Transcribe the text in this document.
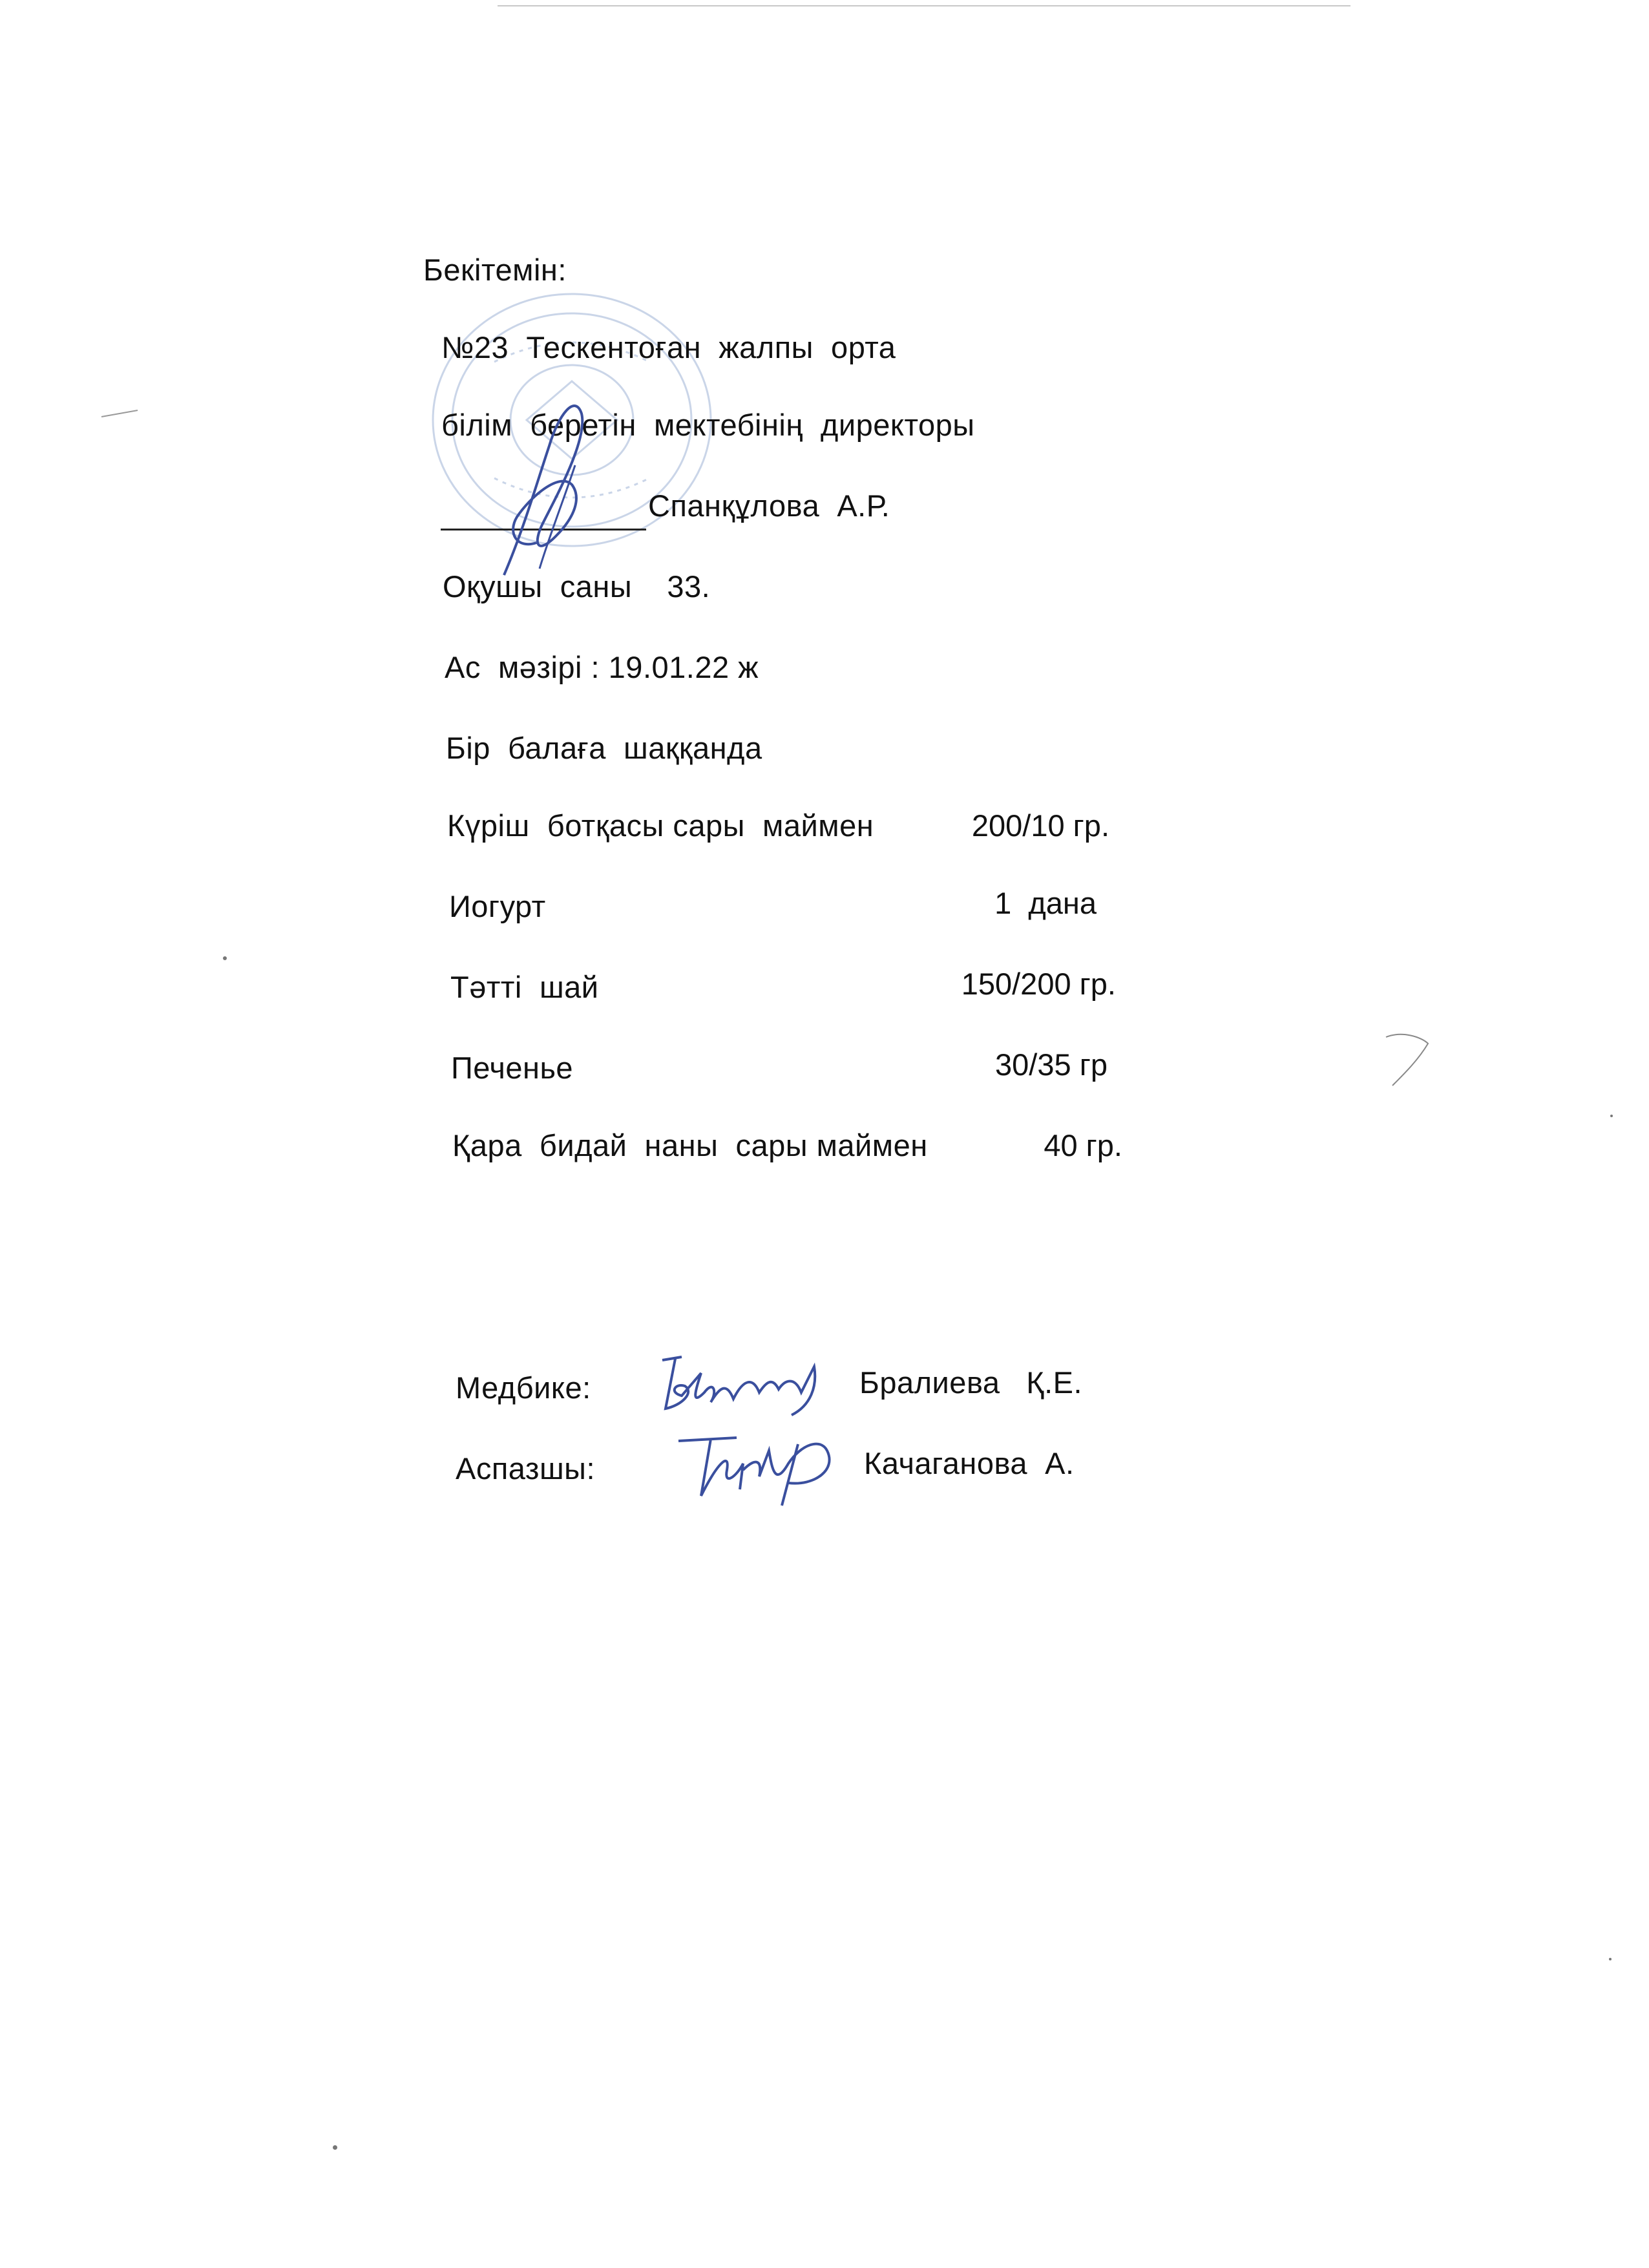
Бекітемін:
№23  Тескентоған  жалпы  орта
білім  беретін  мектебінің  директоры
Спанқұлова  А.Р.
Оқушы  саны    33.
Ас  мәзірі : 19.01.22 ж
Бір  балаға  шаққанда
Күріш  ботқасы сары  маймен	200/10 гр.
Иогурт	1  дана
Тәтті  шай	150/200 гр.
Печенье	30/35 гр
Қара  бидай  наны  сары маймен	40 гр.
Медбике:	Бралиева   Қ.Е.
Аспазшы:	Качаганова  А.
